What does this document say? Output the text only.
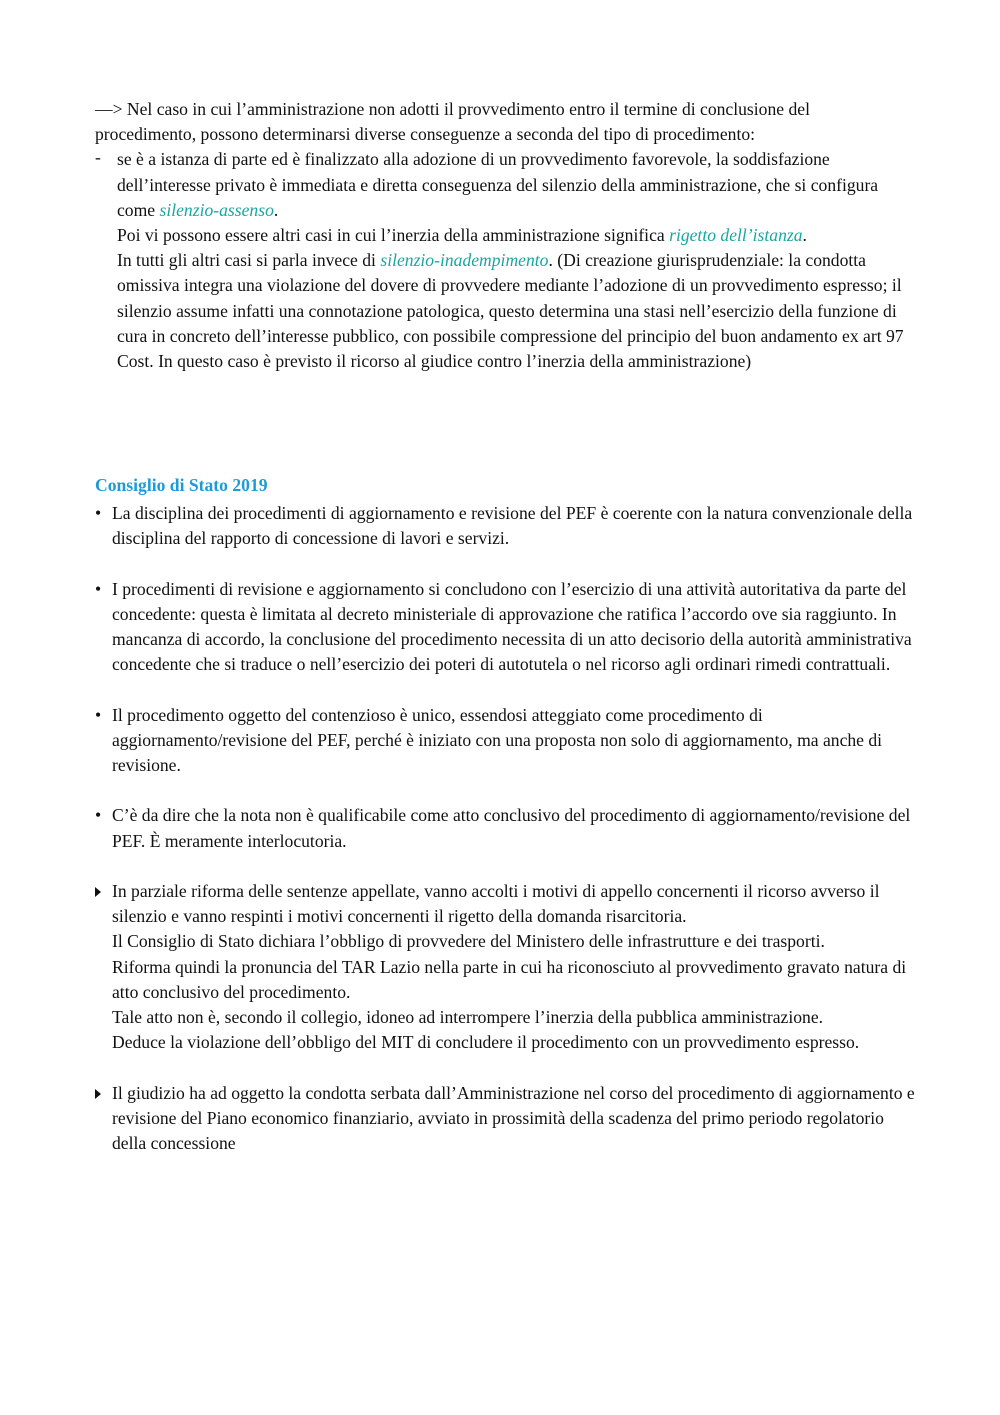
—> Nel caso in cui l’amministrazione non adotti il provvedimento entro il termine di conclusione del procedimento, possono determinarsi diverse conseguenze a seconda del tipo di procedimento:

- se è a istanza di parte ed è finalizzato alla adozione di un provvedimento favorevole, la soddisfazione dell’interesse privato è immediata e diretta conseguenza del silenzio della amministrazione, che si configura come silenzio-assenso.

Poi vi possono essere altri casi in cui l’inerzia della amministrazione significa rigetto dell’istanza.

In tutti gli altri casi si parla invece di silenzio-inadempimento. (Di creazione giurisprudenziale: la condotta omissiva integra una violazione del dovere di provvedere mediante l’adozione di un provvedimento espresso; il silenzio assume infatti una connotazione patologica, questo determina una stasi nell’esercizio della funzione di cura in concreto dell’interesse pubblico, con possibile compressione del principio del buon andamento ex art 97 Cost. In questo caso è previsto il ricorso al giudice contro l’inerzia della amministrazione)

Consiglio di Stato 2019
• La disciplina dei procedimenti di aggiornamento e revisione del PEF è coerente con la natura convenzionale della disciplina del rapporto di concessione di lavori e servizi.

• I procedimenti di revisione e aggiornamento si concludono con l’esercizio di una attività autoritativa da parte del concedente: questa è limitata al decreto ministeriale di approvazione che ratifica l’accordo ove sia raggiunto. In mancanza di accordo, la conclusione del procedimento necessita di un atto decisorio della autorità amministrativa concedente che si traduce o nell’esercizio dei poteri di autotutela o nel ricorso agli ordinari rimedi contrattuali.

• Il procedimento oggetto del contenzioso è unico, essendosi atteggiato come procedimento di aggiornamento/revisione del PEF, perché è iniziato con una proposta non solo di aggiornamento, ma anche di revisione.

• C’è da dire che la nota non è qualificabile come atto conclusivo del procedimento di aggiornamento/revisione del PEF. È meramente interlocutoria.

In parziale riforma delle sentenze appellate, vanno accolti i motivi di appello concernenti il ricorso avverso il silenzio e vanno respinti i motivi concernenti il rigetto della domanda risarcitoria.

Il Consiglio di Stato dichiara l’obbligo di provvedere del Ministero delle infrastrutture e dei trasporti.

Riforma quindi la pronuncia del TAR Lazio nella parte in cui ha riconosciuto al provvedimento gravato natura di atto conclusivo del procedimento.

Tale atto non è, secondo il collegio, idoneo ad interrompere l’inerzia della pubblica amministrazione.

Deduce la violazione dell’obbligo del MIT di concludere il procedimento con un provvedimento espresso.

Il giudizio ha ad oggetto la condotta serbata dall’Amministrazione nel corso del procedimento di aggiornamento e revisione del Piano economico finanziario, avviato in prossimità della scadenza del primo periodo regolatorio della concessione
